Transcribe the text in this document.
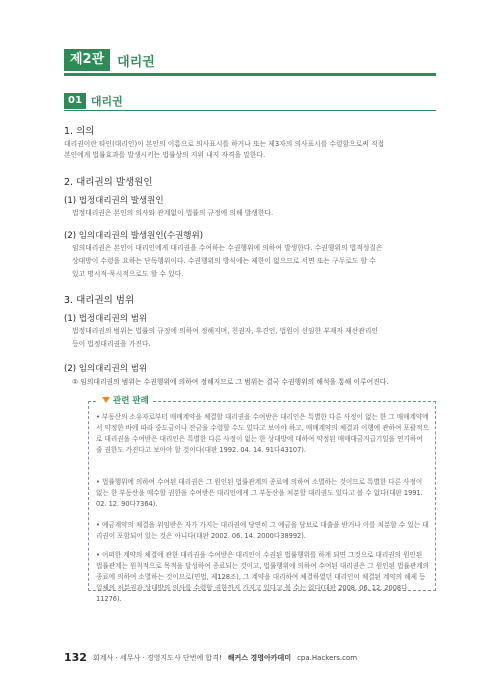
제2관	대리권
01 대리권
1. 의의
대리권이란 타인(대리인)이 본인의 이름으로 의사표시를 하거나 또는 제3자의 의사표시를 수령함으로써 직접
본인에게 법률효과를 발생시키는 법률상의 지위 내지 자격을 말한다.
2. 대리권의 발생원인
(1) 법정대리권의 발생원인
법정대리권은 본인의 의사와 관계없이 법률의 규정에 의해 발생한다.
(2) 임의대리권의 발생원인(수권행위)
임의대리권은 본인이 대리인에게 대리권을 수여하는 수권행위에 의하여 발생한다. 수권행위의 법적성질은
상대방이 수령을 요하는 단독행위이다. 수권행위의 방식에는 제한이 없으므로 서면 또는 구두로도 할 수
있고 명시적·묵시적으로도 할 수 있다.
3. 대리권의 범위
(1) 법정대리권의 범위
법정대리권의 범위는 법률의 규정에 의하여 정해지며, 친권자, 후견인, 법원이 선임한 부재자 재산관리인
등이 법정대리권을 가진다.
(2) 임의대리권의 범위
① 임의대리권의 범위는 수권행위에 의하여 정해지므로 그 범위는 결국 수권행위의 해석을 통해 이루어진다.
관련 판례
• 부동산의 소유자로부터 매매계약을 체결할 대리권을 수여받은 대리인은 특별한 다른 사정이 없는 한 그 매매계약에서 약정한 바에 따라 중도금이나 잔금을 수령할 수도 있다고 보아야 하고, 매매계약의 체결과 이행에 관하여 포괄적으로 대리권을 수여받은 대리인은 특별한 다른 사정이 없는 한 상대방에 대하여 약정된 매매대금지급기일을 연기하여 줄 권한도 가진다고 보아야 할 것이다(대판 1992. 04. 14. 91다43107).
• 법률행위에 의하여 수여된 대리권은 그 원인된 법률관계의 종료에 의하여 소멸하는 것이므로 특별한 다른 사정이 없는 한 부동산을 매수할 권한을 수여받은 대리인에게 그 부동산을 처분할 대리권도 있다고 볼 수 없다(대판 1991. 02. 12. 90다7364).
• 예금계약의 체결을 위임받은 자가 가지는 대리권에 당연히 그 예금을 담보로 대출을 받거나 이를 처분할 수 있는 대리권이 포함되어 있는 것은 아니다(대판 2002. 06. 14. 2000다38992).
• 어떠한 계약의 체결에 관한 대리권을 수여받은 대리인이 수권된 법률행위를 하게 되면 그것으로 대리권의 원인된 법률관계는 원칙적으로 목적을 달성하여 종료되는 것이고, 법률행위에 의하여 수여된 대리권은 그 원인된 법률관계의 종료에 의하여 소멸하는 것이므로(민법, 제128조), 그 계약을 대리하여 체결하였던 대리인이 체결된 계약의 해제 등 일체의 처분권과 상대방의 의사를 수령할 권한까지 가지고 있다고 볼 수는 없다(대판 2008. 06. 12. 2008다11276).
132 회계사 · 세무사 · 경영지도사 단번에 합격! 해커스 경영아카데미 cpa.Hackers.com
